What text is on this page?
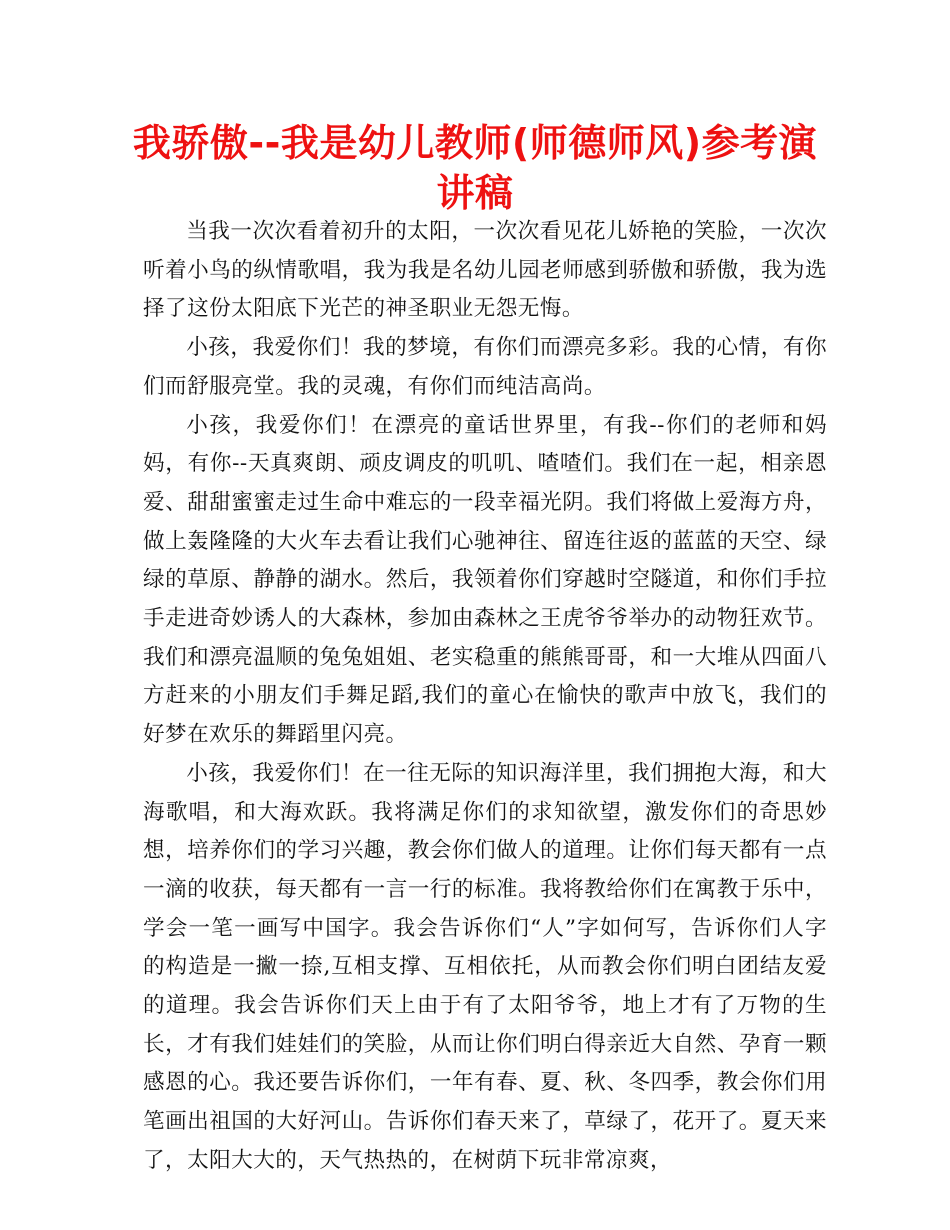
我骄傲--我是幼儿教师(师德师风)参考演讲稿

当我一次次看着初升的太阳，一次次看见花儿娇艳的笑脸，一次次听着小鸟的纵情歌唱，我为我是名幼儿园老师感到骄傲和骄傲，我为选择了这份太阳底下光芒的神圣职业无怨无悔。

小孩，我爱你们！我的梦境，有你们而漂亮多彩。我的心情，有你们而舒服亮堂。我的灵魂，有你们而纯洁高尚。

小孩，我爱你们！在漂亮的童话世界里，有我--你们的老师和妈妈，有你--天真爽朗、顽皮调皮的叽叽、喳喳们。我们在一起，相亲恩爱、甜甜蜜蜜走过生命中难忘的一段幸福光阴。我们将做上爱海方舟，做上轰隆隆的大火车去看让我们心驰神往、留连往返的蓝蓝的天空、绿绿的草原、静静的湖水。然后，我领着你们穿越时空隧道，和你们手拉手走进奇妙诱人的大森林，参加由森林之王虎爷爷举办的动物狂欢节。我们和漂亮温顺的兔兔姐姐、老实稳重的熊熊哥哥，和一大堆从四面八方赶来的小朋友们手舞足蹈,我们的童心在愉快的歌声中放飞，我们的好梦在欢乐的舞蹈里闪亮。

小孩，我爱你们！在一往无际的知识海洋里，我们拥抱大海，和大海歌唱，和大海欢跃。我将满足你们的求知欲望，激发你们的奇思妙想，培养你们的学习兴趣，教会你们做人的道理。让你们每天都有一点一滴的收获，每天都有一言一行的标准。我将教给你们在寓教于乐中，学会一笔一画写中国字。我会告诉你们“人”字如何写，告诉你们人字的构造是一撇一捺,互相支撑、互相依托，从而教会你们明白团结友爱的道理。我会告诉你们天上由于有了太阳爷爷，地上才有了万物的生长，才有我们娃娃们的笑脸，从而让你们明白得亲近大自然、孕育一颗感恩的心。我还要告诉你们，一年有春、夏、秋、冬四季，教会你们用笔画出祖国的大好河山。告诉你们春天来了，草绿了，花开了。夏天来了，太阳大大的，天气热热的，在树荫下玩非常凉爽，
